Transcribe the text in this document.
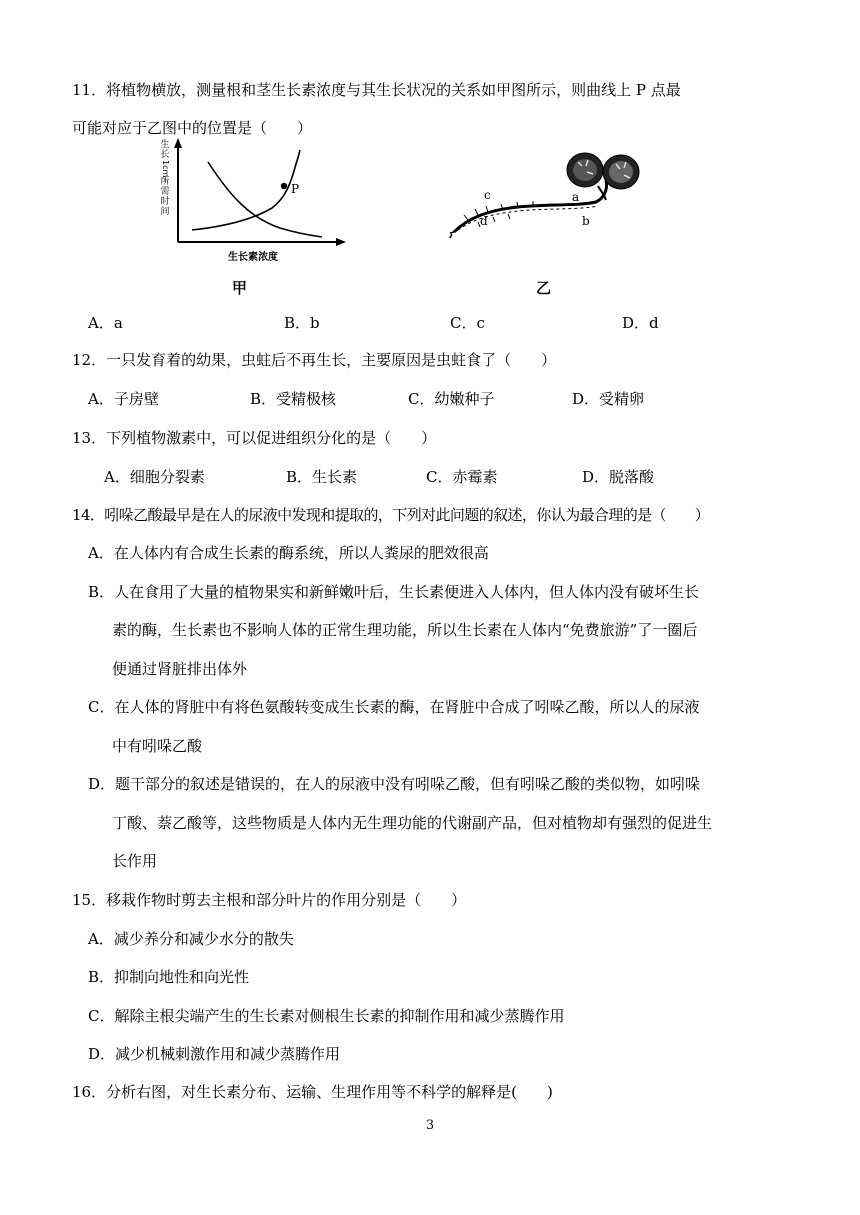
11．将植物横放，测量根和茎生长素浓度与其生长状况的关系如甲图所示，则曲线上 P 点最
可能对应于乙图中的位置是（　　）
生
长
1cm
所
需
时
间
P
生长素浓度
甲
c
d
a
b
乙
A．a	B．b	C．c	D．d
12．一只发育着的幼果，虫蛀后不再生长，主要原因是虫蛀食了（　　）
A．子房壁	B．受精极核	C．幼嫩种子	D．受精卵
13．下列植物激素中，可以促进组织分化的是（　　）
A．细胞分裂素	B．生长素	C．赤霉素	D．脱落酸
14．吲哚乙酸最早是在人的尿液中发现和提取的，下列对此问题的叙述，你认为最合理的是（　　）
A．在人体内有合成生长素的酶系统，所以人粪尿的肥效很高
B．人在食用了大量的植物果实和新鲜嫩叶后，生长素便进入人体内，但人体内没有破坏生长
素的酶，生长素也不影响人体的正常生理功能，所以生长素在人体内“免费旅游”了一圈后
便通过肾脏排出体外
C．在人体的肾脏中有将色氨酸转变成生长素的酶，在肾脏中合成了吲哚乙酸，所以人的尿液
中有吲哚乙酸
D．题干部分的叙述是错误的，在人的尿液中没有吲哚乙酸，但有吲哚乙酸的类似物，如吲哚
丁酸、萘乙酸等，这些物质是人体内无生理功能的代谢副产品，但对植物却有强烈的促进生
长作用
15．移栽作物时剪去主根和部分叶片的作用分别是（　　）
A．减少养分和减少水分的散失
B．抑制向地性和向光性
C．解除主根尖端产生的生长素对侧根生长素的抑制作用和减少蒸腾作用
D．减少机械刺激作用和减少蒸腾作用
16．分析右图，对生长素分布、运输、生理作用等不科学的解释是(　　)
3
